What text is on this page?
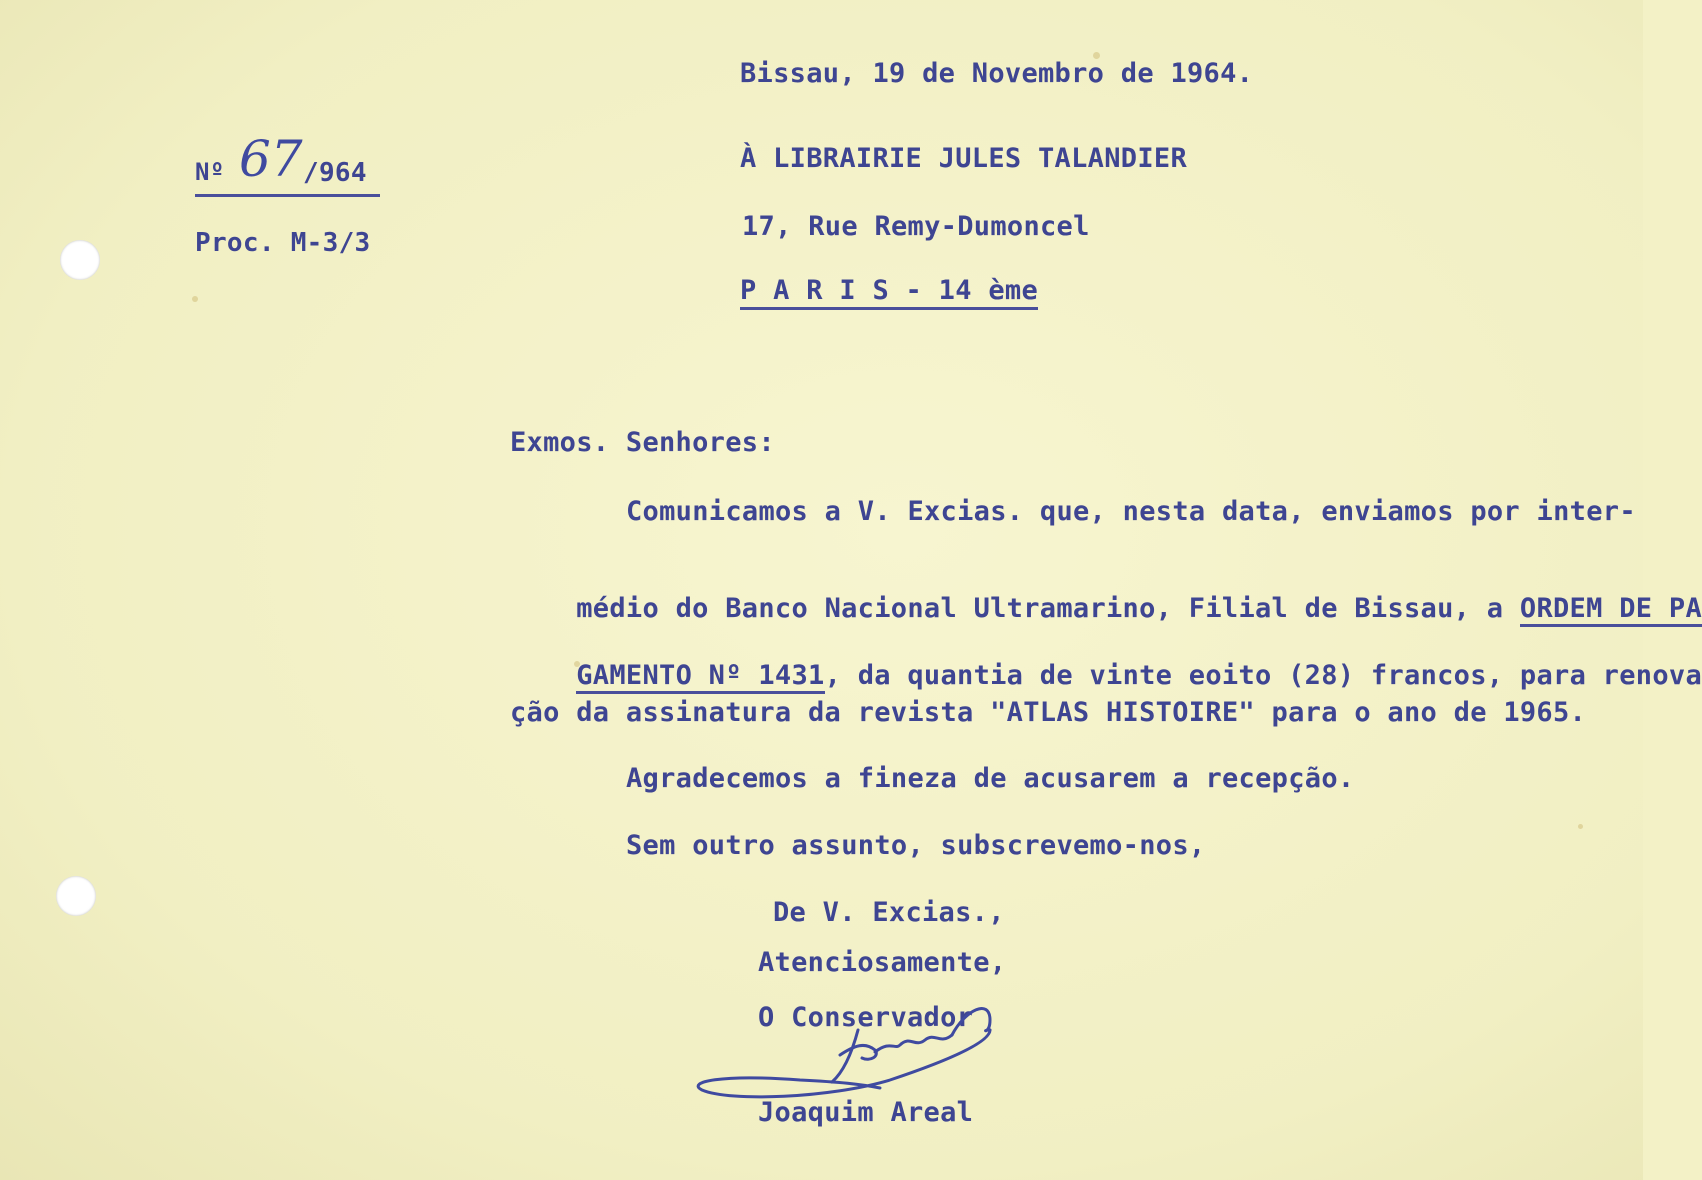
Nº 67 /964
Proc. M-3/3
Bissau, 19 de Novembro de 1964.
À LIBRAIRIE JULES TALANDIER
17, Rue Remy-Dumoncel
P A R I S - 14 ème
Exmos. Senhores:
Comunicamos a V. Excias. que, nesta data, enviamos por inter-

médio do Banco Nacional Ultramarino, Filial de Bissau, a ORDEM DE PA

GAMENTO Nº 1431, da quantia de vinte eoito (28) francos, para renova

ção da assinatura da revista "ATLAS HISTOIRE" para o ano de 1965.
Agradecemos a fineza de acusarem a recepção.
Sem outro assunto, subscrevemo-nos,
De V. Excias.,
Atenciosamente,
O Conservador
Joaquim Areal
